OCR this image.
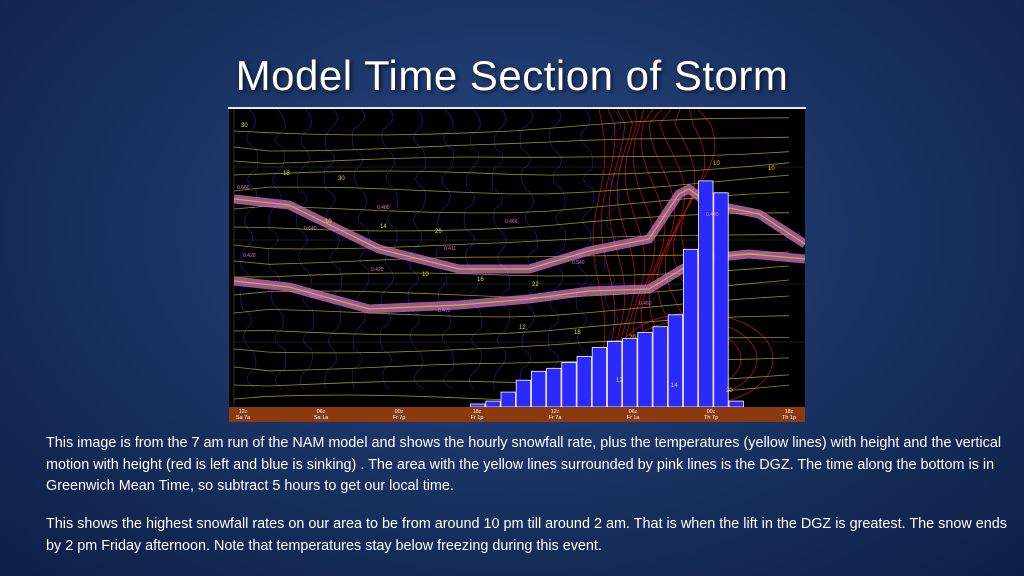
Model Time Section of Storm
30
30
26
22
20
20
18
14
16
18
14
10
10
10
12
12
10
0.660
0.640
0.420
0.470
0.466
0.540
0.460
0.430
0.420
0.400
0.480
0.411
12z
Sa 7a
06z
Sa 1a
00z
Fr 7p
18z
Fr 1p
12z
Fr 7a
06z
Fr 1a
00z
Th 7p
18z
Th 1p
This image is from the 7 am run of the NAM model and shows the hourly snowfall rate, plus the temperatures (yellow lines) with height and the vertical motion with height (red is left and blue is sinking) . The area with the yellow lines surrounded by pink lines is the DGZ. The time along the bottom is in Greenwich Mean Time, so subtract 5 hours to get our local time.
This shows the highest snowfall rates on our area to be from around 10 pm till around 2 am. That is when the lift in the DGZ is greatest. The snow ends by 2 pm Friday afternoon. Note that temperatures stay below freezing during this event.
